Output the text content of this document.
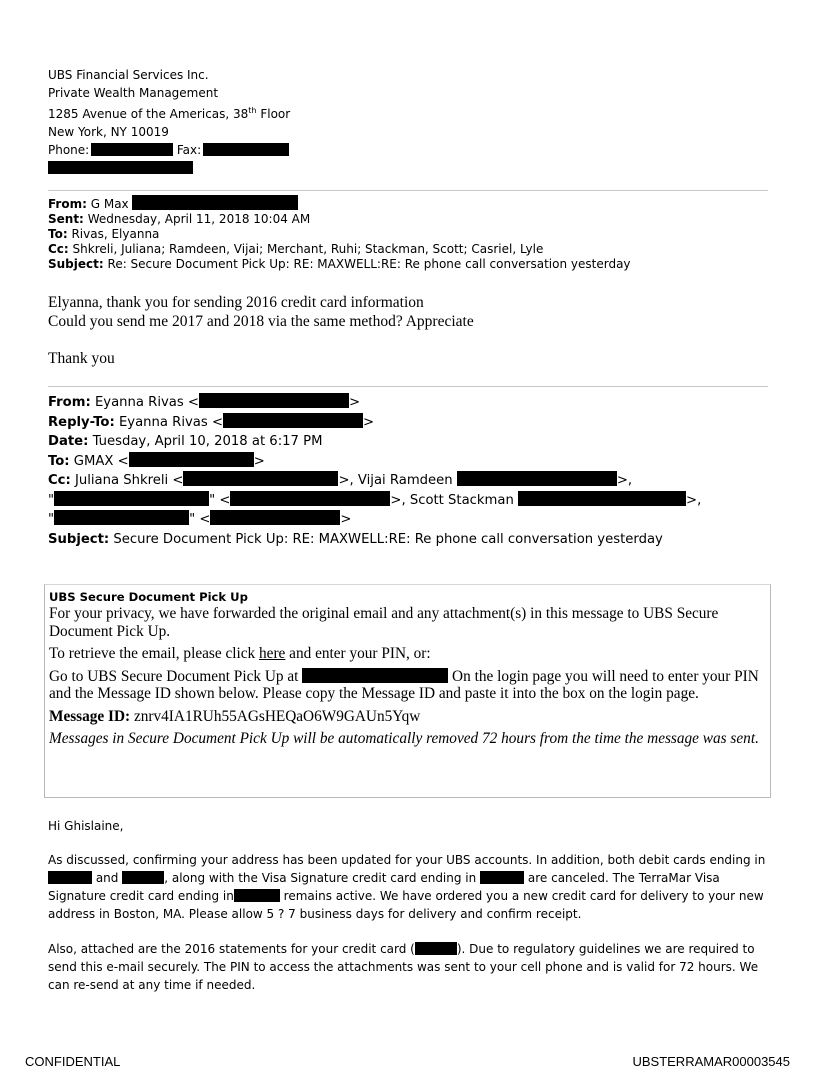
UBS Financial Services Inc.
Private Wealth Management
1285 Avenue of the Americas, 38th Floor
New York, NY 10019
Phone:	Fax:
From: G Max
Sent: Wednesday, April 11, 2018 10:04 AM
To: Rivas, Elyanna
Cc: Shkreli, Juliana; Ramdeen, Vijai; Merchant, Ruhi; Stackman, Scott; Casriel, Lyle
Subject: Re: Secure Document Pick Up: RE: MAXWELL:RE: Re phone call conversation yesterday
Elyanna, thank you for sending 2016 credit card information
Could you send me 2017 and 2018 via the same method? Appreciate
Thank you
From: Eyanna Rivas <	>
Reply-To: Eyanna Rivas <	>
Date: Tuesday, April 10, 2018 at 6:17 PM
To: GMAX <	>
Cc: Juliana Shkreli <	>, Vijai Ramdeen	>,
"	" <	>, Scott Stackman	>,
"	" <	>
Subject: Secure Document Pick Up: RE: MAXWELL:RE: Re phone call conversation yesterday
UBS Secure Document Pick Up
For your privacy, we have forwarded the original email and any attachment(s) in this message to UBS Secure Document Pick Up.
To retrieve the email, please click here and enter your PIN, or:
Go to UBS Secure Document Pick Up at	On the login page you will need to enter your PIN and the Message ID shown below. Please copy the Message ID and paste it into the box on the login page.
Message ID: znrv4IA1RUh55AGsHEQaO6W9GAUn5Yqw
Messages in Secure Document Pick Up will be automatically removed 72 hours from the time the message was sent.
Hi Ghislaine,
As discussed, confirming your address has been updated for your UBS accounts. In addition, both debit cards ending in
and	, along with the Visa Signature credit card ending in	are canceled. The TerraMar Visa
Signature credit card ending in	remains active. We have ordered you a new credit card for delivery to your new
address in Boston, MA. Please allow 5 ? 7 business days for delivery and confirm receipt.
Also, attached are the 2016 statements for your credit card (	). Due to regulatory guidelines we are required to
send this e-mail securely. The PIN to access the attachments was sent to your cell phone and is valid for 72 hours. We
can re-send at any time if needed.
CONFIDENTIAL	UBSTERRAMAR00003545
